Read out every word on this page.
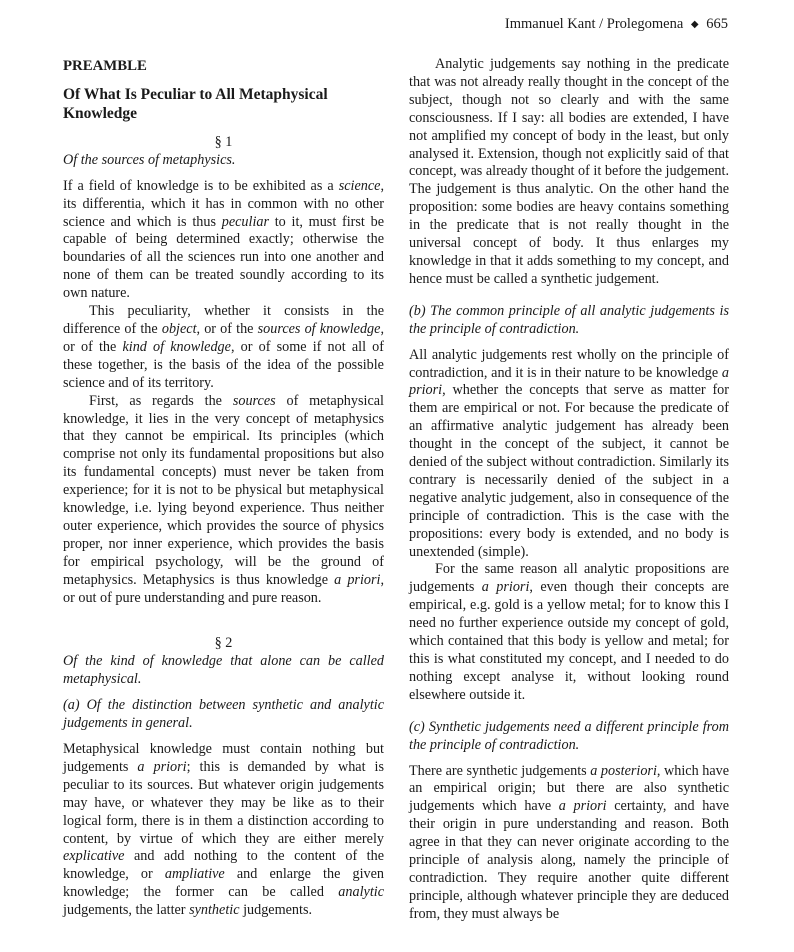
Immanuel Kant / Prolegomena ◆ 665

PREAMBLE

Of What Is Peculiar to All Metaphysical Knowledge

§ 1

Of the sources of metaphysics.

If a field of knowledge is to be exhibited as a science, its differentia, which it has in common with no other science and which is thus peculiar to it, must first be capable of being determined exactly; otherwise the boundaries of all the sciences run into one another and none of them can be treated soundly according to its own nature.

This peculiarity, whether it consists in the difference of the object, or of the sources of knowledge, or of the kind of knowledge, or of some if not all of these together, is the basis of the idea of the possible science and of its territory.

First, as regards the sources of metaphysical knowledge, it lies in the very concept of metaphysics that they cannot be empirical. Its principles (which comprise not only its fundamental propositions but also its fundamental concepts) must never be taken from experience; for it is not to be physical but metaphysical knowledge, i.e. lying beyond experience. Thus neither outer experience, which provides the source of physics proper, nor inner experience, which provides the basis for empirical psychology, will be the ground of metaphysics. Metaphysics is thus knowledge a priori, or out of pure understanding and pure reason.

§ 2

Of the kind of knowledge that alone can be called metaphysical.

(a) Of the distinction between synthetic and analytic judgements in general.

Metaphysical knowledge must contain nothing but judgements a priori; this is demanded by what is peculiar to its sources. But whatever origin judgements may have, or whatever they may be like as to their logical form, there is in them a distinction according to content, by virtue of which they are either merely explicative and add nothing to the content of the knowledge, or ampliative and enlarge the given knowledge; the former can be called analytic judgements, the latter synthetic judgements.

Analytic judgements say nothing in the predicate that was not already really thought in the concept of the subject, though not so clearly and with the same consciousness. If I say: all bodies are extended, I have not amplified my concept of body in the least, but only analysed it. Extension, though not explicitly said of that concept, was already thought of it before the judgement. The judgement is thus analytic. On the other hand the proposition: some bodies are heavy contains something in the predicate that is not really thought in the universal concept of body. It thus enlarges my knowledge in that it adds something to my concept, and hence must be called a synthetic judgement.

(b) The common principle of all analytic judgements is the principle of contradiction.

All analytic judgements rest wholly on the principle of contradiction, and it is in their nature to be knowledge a priori, whether the concepts that serve as matter for them are empirical or not. For because the predicate of an affirmative analytic judgement has already been thought in the concept of the subject, it cannot be denied of the subject without contradiction. Similarly its contrary is necessarily denied of the subject in a negative analytic judgement, also in consequence of the principle of contradiction. This is the case with the propositions: every body is extended, and no body is unextended (simple).

For the same reason all analytic propositions are judgements a priori, even though their concepts are empirical, e.g. gold is a yellow metal; for to know this I need no further experience outside my concept of gold, which contained that this body is yellow and metal; for this is what constituted my concept, and I needed to do nothing except analyse it, without looking round elsewhere outside it.

(c) Synthetic judgements need a different principle from the principle of contradiction.

There are synthetic judgements a posteriori, which have an empirical origin; but there are also synthetic judgements which have a priori certainty, and have their origin in pure understanding and reason. Both agree in that they can never originate according to the principle of analysis along, namely the principle of contradiction. They require another quite different principle, although whatever principle they are deduced from, they must always be
